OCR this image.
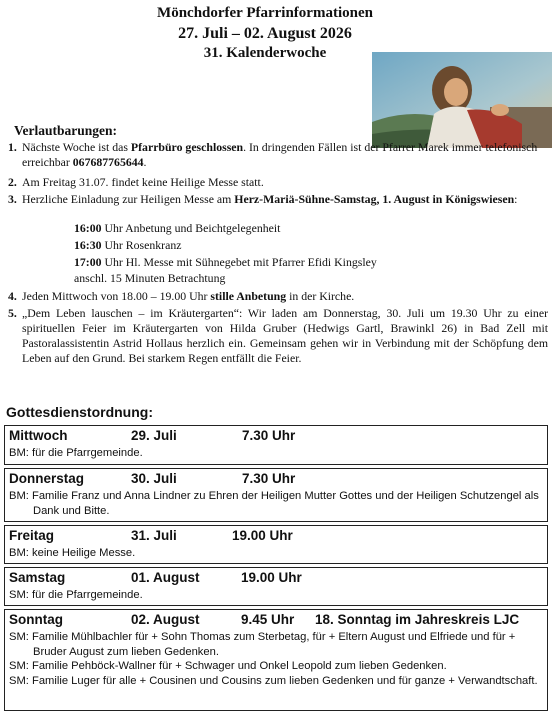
Mönchdorfer Pfarrinformationen
27. Juli – 02. August 2026
31. Kalenderwoche
Verlautbarungen:
1. Nächste Woche ist das Pfarrbüro geschlossen. In dringenden Fällen ist der Pfarrer Marek immer telefonisch erreichbar 067687765644.
2. Am Freitag 31.07. findet keine Heilige Messe statt.
3. Herzliche Einladung zur Heiligen Messe am Herz-Mariä-Sühne-Samstag, 1. August in Königswiesen:
16:00 Uhr Anbetung und Beichtgelegenheit
16:30 Uhr Rosenkranz
17:00 Uhr Hl. Messe mit Sühnegebet mit Pfarrer Efidi Kingsley
anschl. 15 Minuten Betrachtung
4. Jeden Mittwoch von 18.00 – 19.00 Uhr stille Anbetung in der Kirche.
5. „Dem Leben lauschen – im Kräutergarten“: Wir laden am Donnerstag, 30. Juli um 19.30 Uhr zu einer spirituellen Feier im Kräutergarten von Hilda Gruber (Hedwigs Gartl, Brawinkl 26) in Bad Zell mit Pastoralassistentin Astrid Hollaus herzlich ein. Gemeinsam gehen wir in Verbindung mit der Schöpfung dem Leben auf den Grund. Bei starkem Regen entfällt die Feier.
Gottesdienstordnung:
Mittwoch	29. Juli	7.30 Uhr
BM: für die Pfarrgemeinde.
Donnerstag	30. Juli	7.30 Uhr
BM: Familie Franz und Anna Lindner zu Ehren der Heiligen Mutter Gottes und der Heiligen Schutzengel als Dank und Bitte.
Freitag	31. Juli	19.00 Uhr
BM: keine Heilige Messe.
Samstag	01. August	19.00 Uhr
SM: für die Pfarrgemeinde.
Sonntag	02. August	9.45 Uhr 18. Sonntag im Jahreskreis LJC
SM: Familie Mühlbachler für + Sohn Thomas zum Sterbetag, für + Eltern August und Elfriede und für + Bruder August zum lieben Gedenken.
SM: Familie Pehböck-Wallner für + Schwager und Onkel Leopold zum lieben Gedenken.
SM: Familie Luger für alle + Cousinen und Cousins zum lieben Gedenken und für ganze + Verwandtschaft.
